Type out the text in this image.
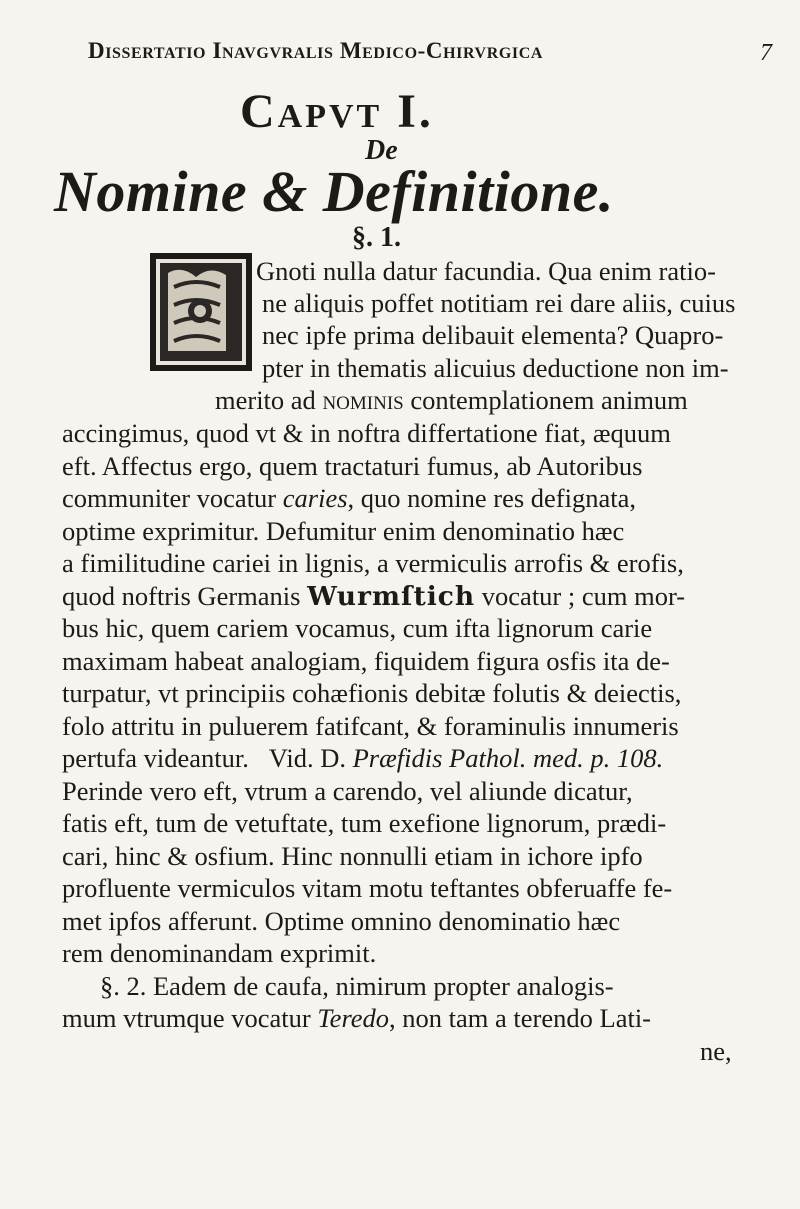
Dissertatio Inavgvralis Medico-Chirvrgica	7
Capvt I.
De
Nomine & Definitione.
§. 1.
Gnoti nulla datur facundia. Qua enim ratio-
ne aliquis poffet notitiam rei dare aliis, cuius
nec ipfe prima delibauit elementa? Quapro-
pter in thematis alicuius deductione non im-
merito ad nominis contemplationem animum
accingimus, quod vt & in noftra differtatione fiat, æquum
eft. Affectus ergo, quem tractaturi fumus, ab Autoribus
communiter vocatur caries, quo nomine res defignata,
optime exprimitur. Defumitur enim denominatio hæc
a fimilitudine cariei in lignis, a vermiculis arrofis & erofis,
quod noftris Germanis Wurmſtich vocatur ; cum mor-
bus hic, quem cariem vocamus, cum ifta lignorum carie
maximam habeat analogiam, fiquidem figura osfis ita de-
turpatur, vt principiis cohæfionis debitæ folutis & deiectis,
folo attritu in puluerem fatifcant, & foraminulis innumeris
pertufa videantur. Vid. D. Præfidis Pathol. med. p. 108.
Perinde vero eft, vtrum a carendo, vel aliunde dicatur,
fatis eft, tum de vetuftate, tum exefione lignorum, prædi-
cari, hinc & osfium. Hinc nonnulli etiam in ichore ipfo
profluente vermiculos vitam motu teftantes obferuaffe fe-
met ipfos afferunt. Optime omnino denominatio hæc
rem denominandam exprimit.
§. 2. Eadem de caufa, nimirum propter analogis-
mum vtrumque vocatur Teredo, non tam a terendo Lati-
ne,
